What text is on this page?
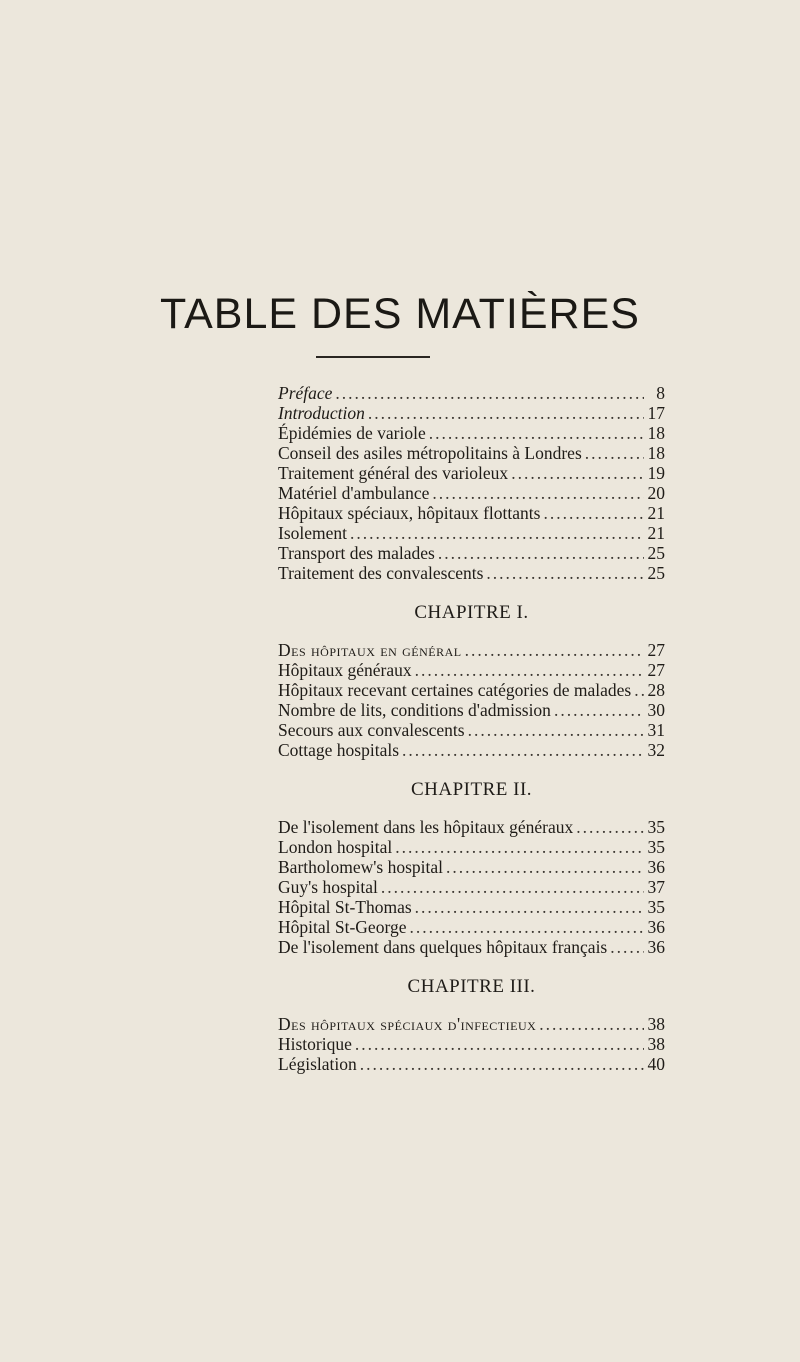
TABLE DES MATIÈRES
Préface .....	8
Introduction .....	17
Épidémies de variole .....	18
Conseil des asiles métropolitains à Londres .....	18
Traitement général des varioleux .....	19
Matériel d'ambulance .....	20
Hôpitaux spéciaux, hôpitaux flottants .....	21
Isolement .....	21
Transport des malades .....	25
Traitement des convalescents .....	25
CHAPITRE I.
Des hôpitaux en général .....	27
Hôpitaux généraux .....	27
Hôpitaux recevant certaines catégories de malades ..... 28
Nombre de lits, conditions d'admission .....	30
Secours aux convalescents .....	31
Cottage hospitals .....	32
CHAPITRE II.
De l'isolement dans les hôpitaux généraux .....	35
London hospital .....	35
Bartholomew's hospital .....	36
Guy's hospital .....	37
Hôpital St-Thomas .....	35
Hôpital St-George .....	36
De l'isolement dans quelques hôpitaux français ..... 36
CHAPITRE III.
Des hôpitaux spéciaux d'infectieux .....	38
Historique .....	38
Législation .....	40
